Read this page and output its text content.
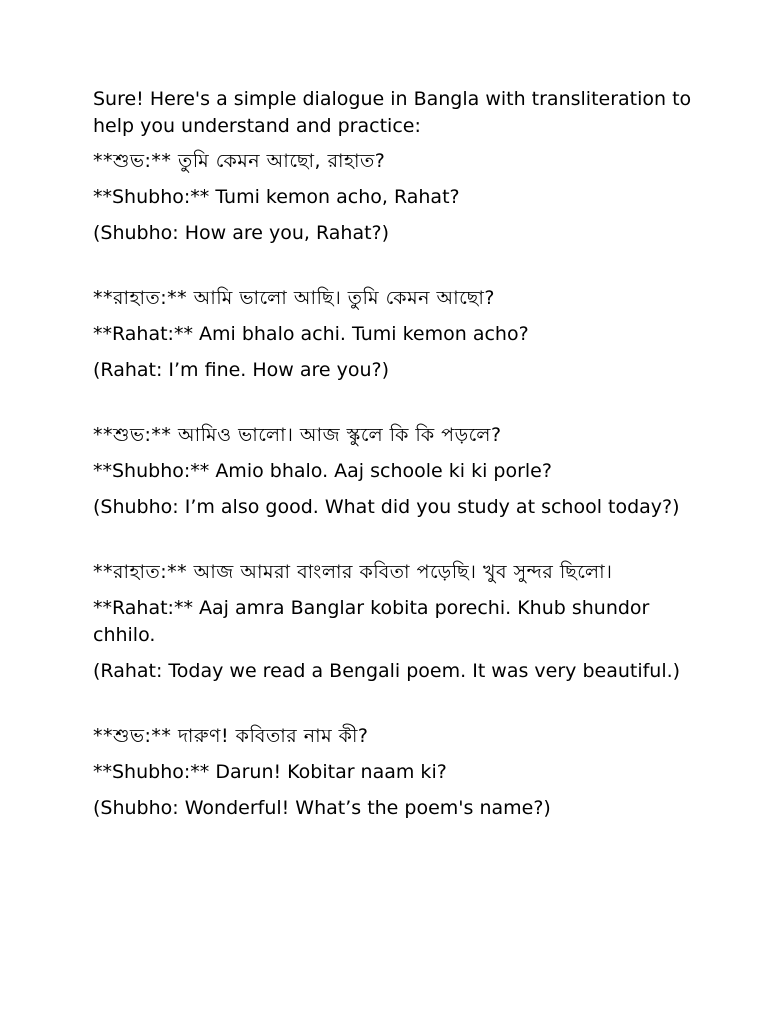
Sure! Here's a simple dialogue in Bangla with transliteration to help you understand and practice:

**শুভ:** তুমি কেমন আছো, রাহাত?

**Shubho:** Tumi kemon acho, Rahat?

(Shubho: How are you, Rahat?)

**রাহাত:** আমি ভালো আছি। তুমি কেমন আছো?

**Rahat:** Ami bhalo achi. Tumi kemon acho?

(Rahat: I’m fine. How are you?)

**শুভ:** আমিও ভালো। আজ স্কুলে কি কি পড়লে?

**Shubho:** Amio bhalo. Aaj schoole ki ki porle?

(Shubho: I’m also good. What did you study at school today?)

**রাহাত:** আজ আমরা বাংলার কবিতা পড়েছি। খুব সুন্দর ছিলো।

**Rahat:** Aaj amra Banglar kobita porechi. Khub shundor chhilo.

(Rahat: Today we read a Bengali poem. It was very beautiful.)

**শুভ:** দারুণ! কবিতার নাম কী?

**Shubho:** Darun! Kobitar naam ki?

(Shubho: Wonderful! What’s the poem's name?)
